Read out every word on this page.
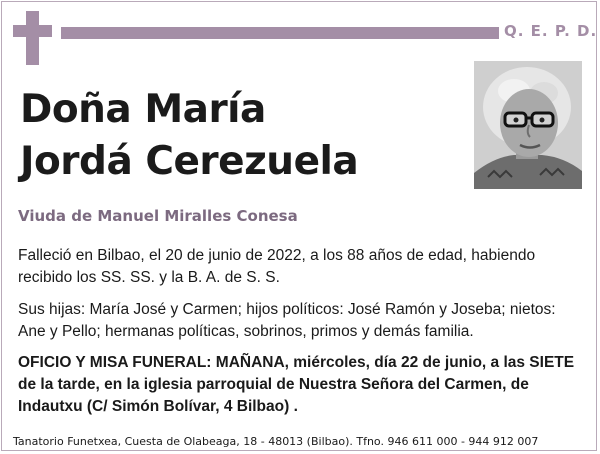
Q. E. P. D.
Doña María
Jordá Cerezuela
Viuda de Manuel Miralles Conesa
Falleció en Bilbao, el 20 de junio de 2022, a los 88 años de edad, habiendo recibido los SS. SS. y la B. A. de S. S.
Sus hijas: María José y Carmen; hijos políticos: José Ramón y Joseba; nietos: Ane y Pello; hermanas políticas, sobrinos, primos y demás familia.
OFICIO Y MISA FUNERAL: MAÑANA, miércoles, día 22 de junio, a las SIETE de la tarde, en la iglesia parroquial de Nuestra Señora del Carmen, de Indautxu (C/ Simón Bolívar, 4 Bilbao) .
Tanatorio Funetxea, Cuesta de Olabeaga, 18 - 48013 (Bilbao). Tfno. 946 611 000 - 944 912 007
